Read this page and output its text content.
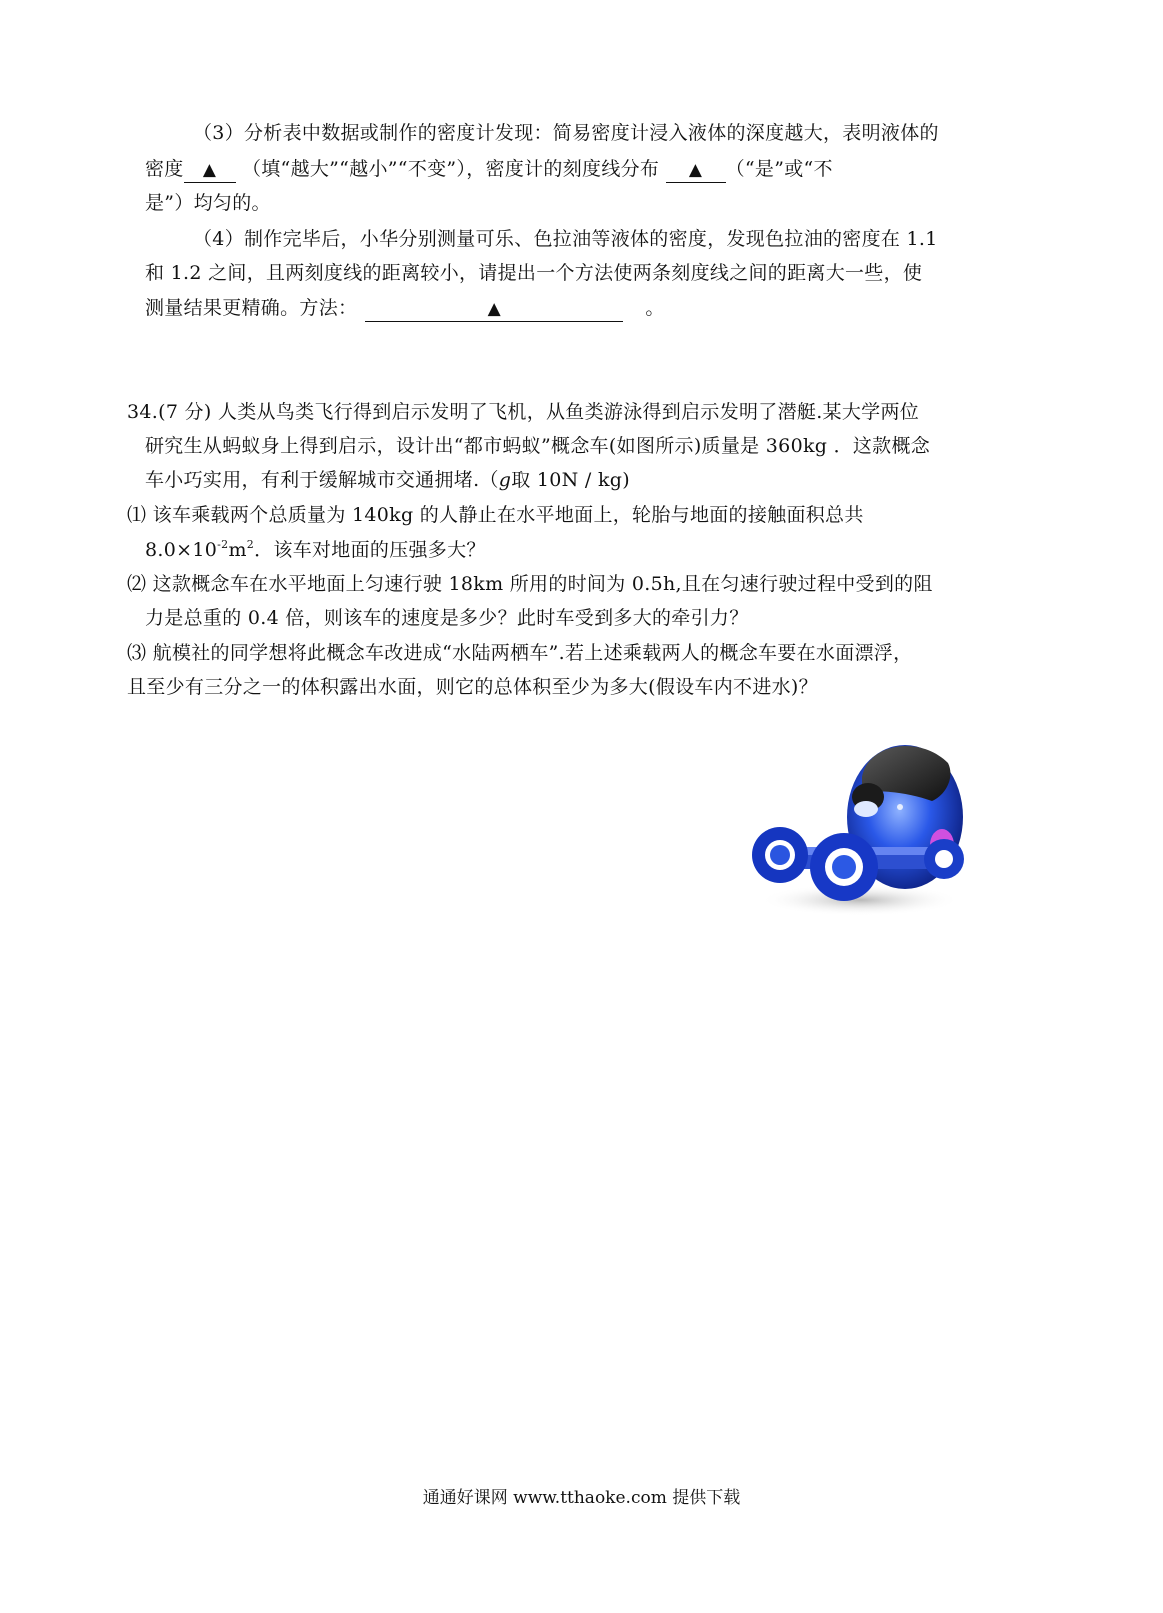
（3）分析表中数据或制作的密度计发现：简易密度计浸入液体的深度越大，表明液体的
密度 ▲ （填“越大”“越小”“不变”），密度计的刻度线分布 ▲ （“是”或“不
是”）均匀的。
（4）制作完毕后，小华分别测量可乐、色拉油等液体的密度，发现色拉油的密度在 1.1
和 1.2 之间，且两刻度线的距离较小，请提出一个方法使两条刻度线之间的距离大一些，使
测量结果更精确。方法：	▲	。
34.(7 分) 人类从鸟类飞行得到启示发明了飞机，从鱼类游泳得到启示发明了潜艇.某大学两位
研究生从蚂蚁身上得到启示，设计出“都市蚂蚁”概念车(如图所示)质量是 360kg ．这款概念
车小巧实用，有利于缓解城市交通拥堵.（g取 10N / kg)
⑴ 该车乘载两个总质量为 140kg 的人静止在水平地面上，轮胎与地面的接触面积总共
$8.0\times 10^{-2}m^2$．该车对地面的压强多大？
⑵ 这款概念车在水平地面上匀速行驶 18km 所用的时间为 0.5h,且在匀速行驶过程中受到的阻
力是总重的 0.4 倍，则该车的速度是多少？此时车受到多大的牵引力？
⑶ 航模社的同学想将此概念车改进成“水陆两栖车”.若上述乘载两人的概念车要在水面漂浮，
且至少有三分之一的体积露出水面，则它的总体积至少为多大(假设车内不进水)？
通通好课网 www.tthaoke.com 提供下载
